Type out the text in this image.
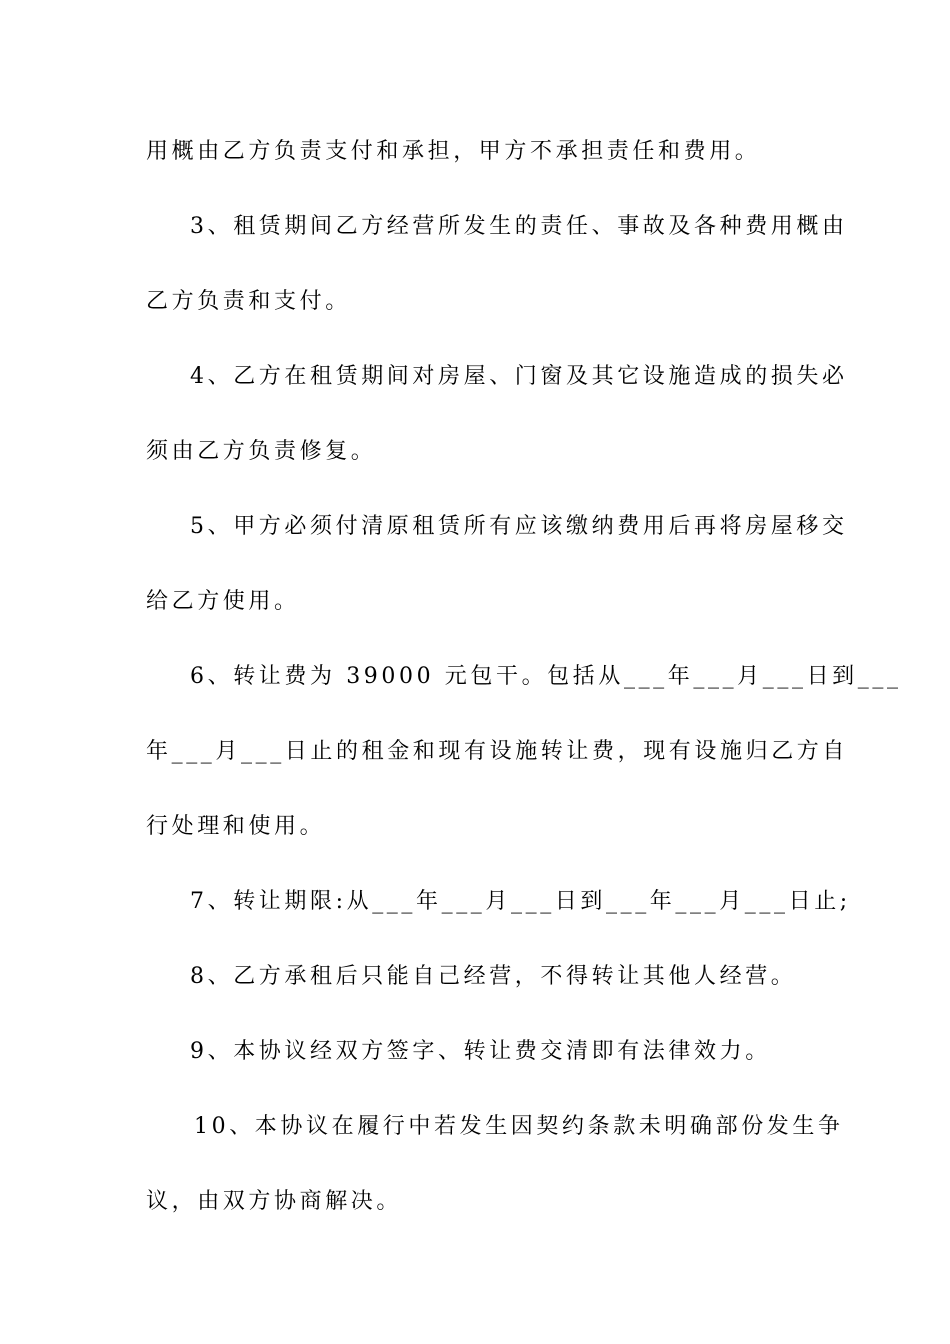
用概由乙方负责支付和承担，甲方不承担责任和费用。
3、租赁期间乙方经营所发生的责任、事故及各种费用概由
乙方负责和支付。
4、乙方在租赁期间对房屋、门窗及其它设施造成的损失必
须由乙方负责修复。
5、甲方必须付清原租赁所有应该缴纳费用后再将房屋移交
给乙方使用。
6、转让费为 39000 元包干。包括从___年___月___日到___
年___月___日止的租金和现有设施转让费，现有设施归乙方自
行处理和使用。
7、转让期限:从___年___月___日到___年___月___日止;
8、乙方承租后只能自己经营，不得转让其他人经营。
9、本协议经双方签字、转让费交清即有法律效力。
10、本协议在履行中若发生因契约条款未明确部份发生争
议，由双方协商解决。
